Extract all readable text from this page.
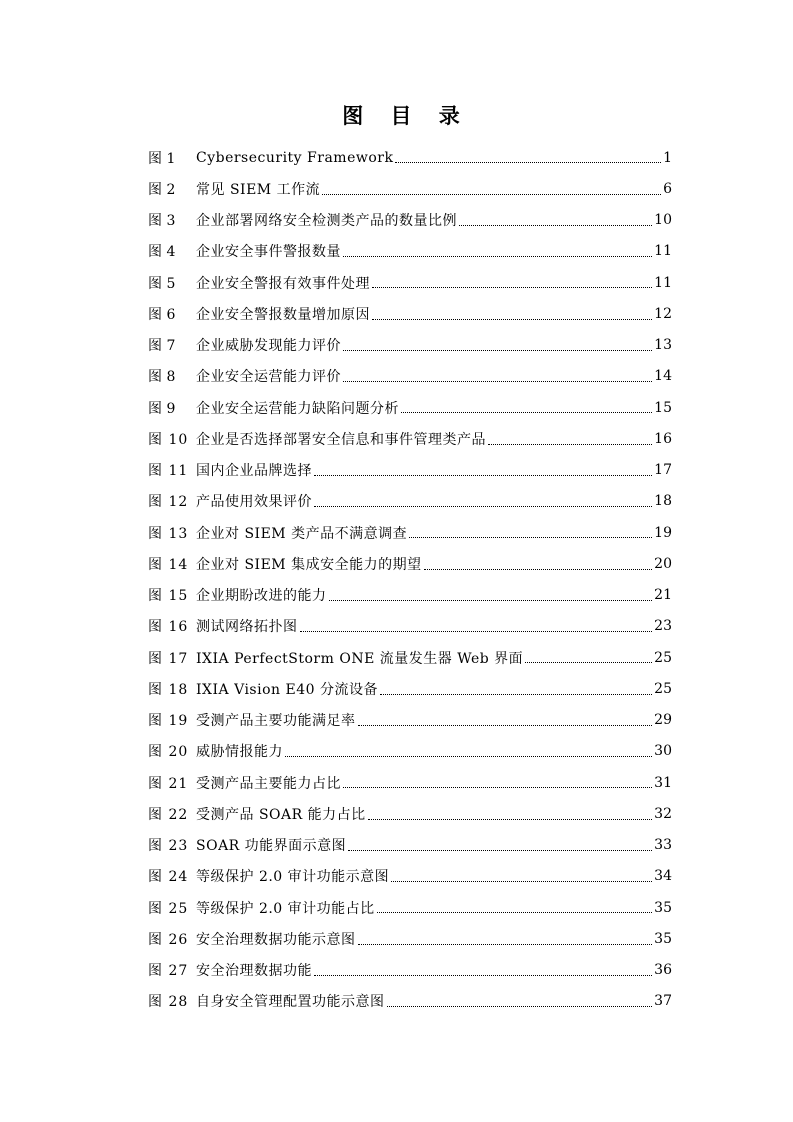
图 目 录
图 1	Cybersecurity Framework	1
图 2	常见 SIEM 工作流	6
图 3	企业部署网络安全检测类产品的数量比例	10
图 4	企业安全事件警报数量	11
图 5	企业安全警报有效事件处理	11
图 6	企业安全警报数量增加原因	12
图 7	企业威胁发现能力评价	13
图 8	企业安全运营能力评价	14
图 9	企业安全运营能力缺陷问题分析	15
图 10 企业是否选择部署安全信息和事件管理类产品	16
图 11 国内企业品牌选择	17
图 12 产品使用效果评价	18
图 13 企业对 SIEM 类产品不满意调查	19
图 14 企业对 SIEM 集成安全能力的期望	20
图 15 企业期盼改进的能力	21
图 16 测试网络拓扑图	23
图 17 IXIA PerfectStorm ONE 流量发生器 Web 界面	25
图 18 IXIA Vision E40 分流设备	25
图 19 受测产品主要功能满足率	29
图 20 威胁情报能力	30
图 21 受测产品主要能力占比	31
图 22 受测产品 SOAR 能力占比	32
图 23 SOAR 功能界面示意图	33
图 24 等级保护 2.0 审计功能示意图	34
图 25 等级保护 2.0 审计功能占比	35
图 26 安全治理数据功能示意图	35
图 27 安全治理数据功能	36
图 28 自身安全管理配置功能示意图	37
